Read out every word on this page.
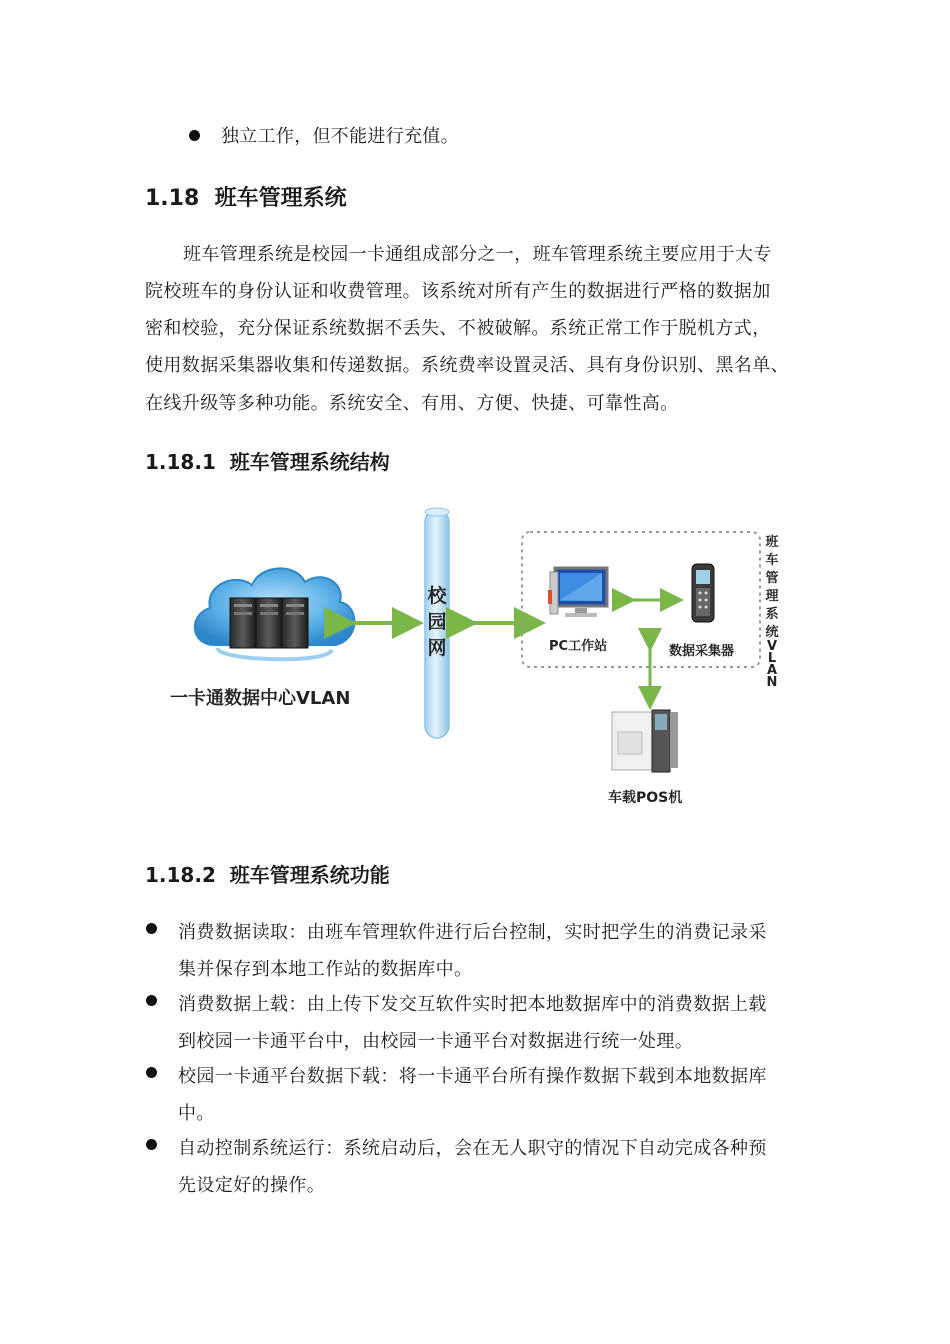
独立工作，但不能进行充值。
1.18 班车管理系统
班车管理系统是校园一卡通组成部分之一，班车管理系统主要应用于大专
院校班车的身份认证和收费管理。该系统对所有产生的数据进行严格的数据加
密和校验，充分保证系统数据不丢失、不被破解。系统正常工作于脱机方式，
使用数据采集器收集和传递数据。系统费率设置灵活、具有身份识别、黑名单、
在线升级等多种功能。系统安全、有用、方便、快捷、可靠性高。
1.18.1 班车管理系统结构
一卡通数据中心VLAN
校
园
网	PC工作站	数据采集器
车载POS机
班
车
管
理
系
统
V
L
A
N
1.18.2 班车管理系统功能
消费数据读取：由班车管理软件进行后台控制，实时把学生的消费记录采
集并保存到本地工作站的数据库中。
消费数据上载：由上传下发交互软件实时把本地数据库中的消费数据上载
到校园一卡通平台中，由校园一卡通平台对数据进行统一处理。
校园一卡通平台数据下载：将一卡通平台所有操作数据下载到本地数据库
中。
自动控制系统运行：系统启动后，会在无人职守的情况下自动完成各种预
先设定好的操作。
